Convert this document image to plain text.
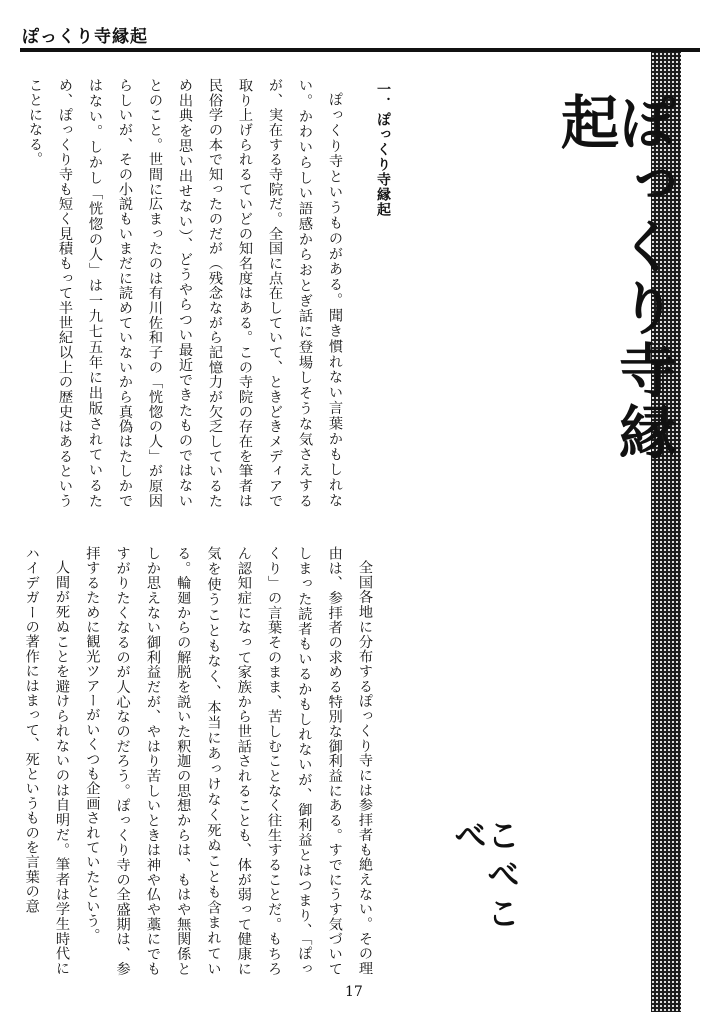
ぽっくり寺縁起
ぽっくり寺縁起
こべこべ
一．ぽっくり寺縁起

ぽっくり寺というものがある。聞き慣れない言葉かもしれない。かわいらしい語感からおとぎ話に登場しそうな気さえするが、実在する寺院だ。全国に点在していて、ときどきメディアで取り上げられるていどの知名度はある。この寺院の存在を筆者は民俗学の本で知ったのだが（残念ながら記憶力が欠乏しているため出典を思い出せない）、どうやらつい最近できたものではないとのこと。世間に広まったのは有川佐和子の「恍惚の人」が原因らしいが、その小説もいまだに読めていないから真偽はたしかではない。しかし「恍惚の人」は一九七五年に出版されているため、ぽっくり寺も短く見積もって半世紀以上の歴史はあるということになる。

全国各地に分布するぽっくり寺には参拝者も絶えない。その理由は、参拝者の求める特別な御利益にある。すでにうす気づいてしまった読者もいるかもしれないが、御利益とはつまり、「ぽっくり」の言葉そのまま、苦しむことなく往生することだ。もちろん認知症になって家族から世話されることも、体が弱って健康に気を使うこともなく、本当にあっけなく死ぬことも含まれている。輪廻からの解脱を説いた釈迦の思想からは、もはや無関係としか思えない御利益だが、やはり苦しいときは神や仏や藁にでもすがりたくなるのが人心なのだろう。ぽっくり寺の全盛期は、参拝するために観光ツアーがいくつも企画されていたという。

人間が死ぬことを避けられないのは自明だ。筆者は学生時代にハイデガーの著作にはまって、死というものを言葉の意

17
